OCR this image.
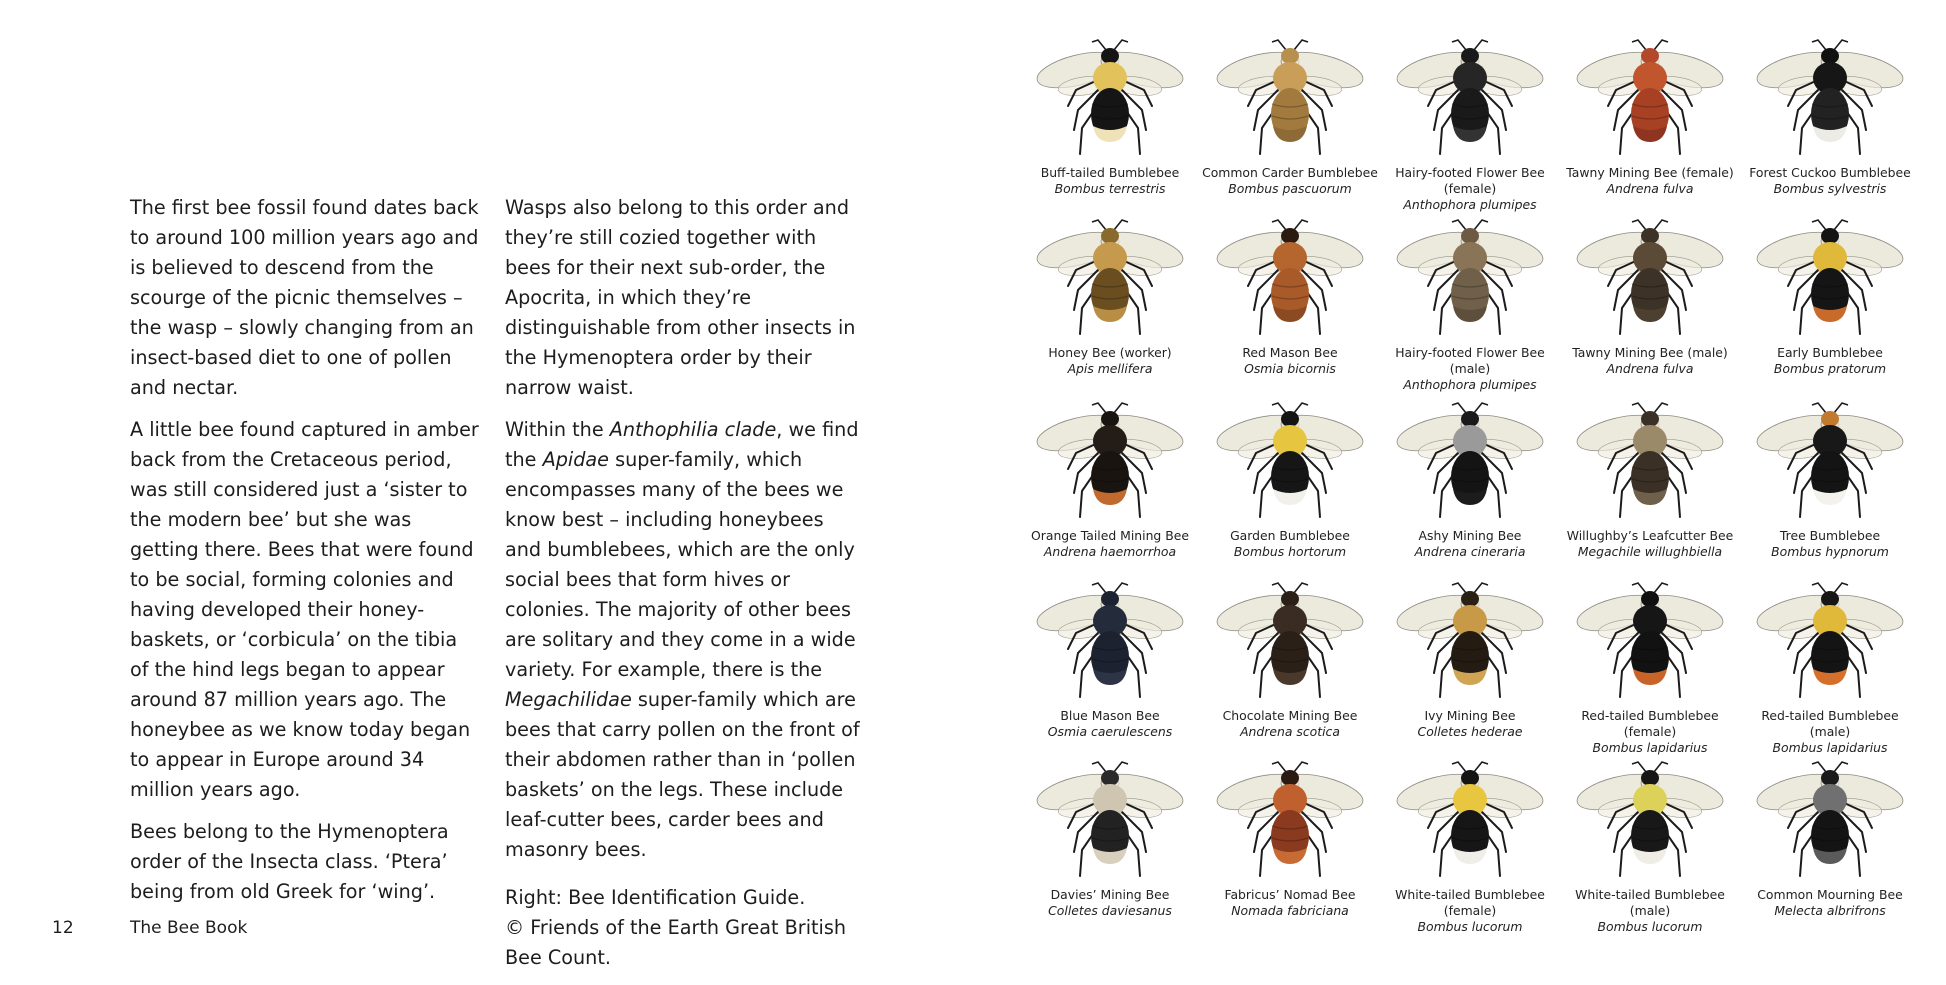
The first bee fossil found dates back to around 100 million years ago and is believed to descend from the scourge of the picnic themselves – the wasp – slowly changing from an insect-based diet to one of pollen and nectar.

A little bee found captured in amber back from the Cretaceous period, was still considered just a ‘sister to the modern bee’ but she was getting there. Bees that were found to be social, forming colonies and having developed their honey-baskets, or ‘corbicula’ on the tibia of the hind legs began to appear around 87 million years ago. The honeybee as we know today began to appear in Europe around 34 million years ago.

Bees belong to the Hymenoptera order of the Insecta class. ‘Ptera’ being from old Greek for ‘wing’.

Wasps also belong to this order and they’re still cozied together with bees for their next sub-order, the Apocrita, in which they’re distinguishable from other insects in the Hymenoptera order by their narrow waist.

Within the Anthophilia clade, we find the Apidae super-family, which encompasses many of the bees we know best – including honeybees and bumblebees, which are the only social bees that form hives or colonies. The majority of other bees are solitary and they come in a wide variety. For example, there is the Megachilidae super-family which are bees that carry pollen on the front of their abdomen rather than in ‘pollen baskets’ on the legs. These include leaf-cutter bees, carder bees and masonry bees.

Right: Bee Identification Guide.
© Friends of the Earth Great British Bee Count.

12	The Bee Book
Buff-tailed Bumblebee
Bombus terrestris
Common Carder Bumblebee
Bombus pascuorum
Hairy-footed Flower Bee (female)
Anthophora plumipes
Tawny Mining Bee (female)
Andrena fulva
Forest Cuckoo Bumblebee
Bombus sylvestris
Honey Bee (worker)
Apis mellifera
Red Mason Bee
Osmia bicornis
Hairy-footed Flower Bee (male)
Anthophora plumipes
Tawny Mining Bee (male)
Andrena fulva
Early Bumblebee
Bombus pratorum
Orange Tailed Mining Bee
Andrena haemorrhoa
Garden Bumblebee
Bombus hortorum
Ashy Mining Bee
Andrena cineraria
Willughby’s Leafcutter Bee
Megachile willughbiella
Tree Bumblebee
Bombus hypnorum
Blue Mason Bee
Osmia caerulescens
Chocolate Mining Bee
Andrena scotica
Ivy Mining Bee
Colletes hederae
Red-tailed Bumblebee (female)
Bombus lapidarius
Red-tailed Bumblebee (male)
Bombus lapidarius
Davies’ Mining Bee
Colletes daviesanus
Fabricus’ Nomad Bee
Nomada fabriciana
White-tailed Bumblebee (female)
Bombus lucorum
White-tailed Bumblebee (male)
Bombus lucorum
Common Mourning Bee
Melecta albrifrons
